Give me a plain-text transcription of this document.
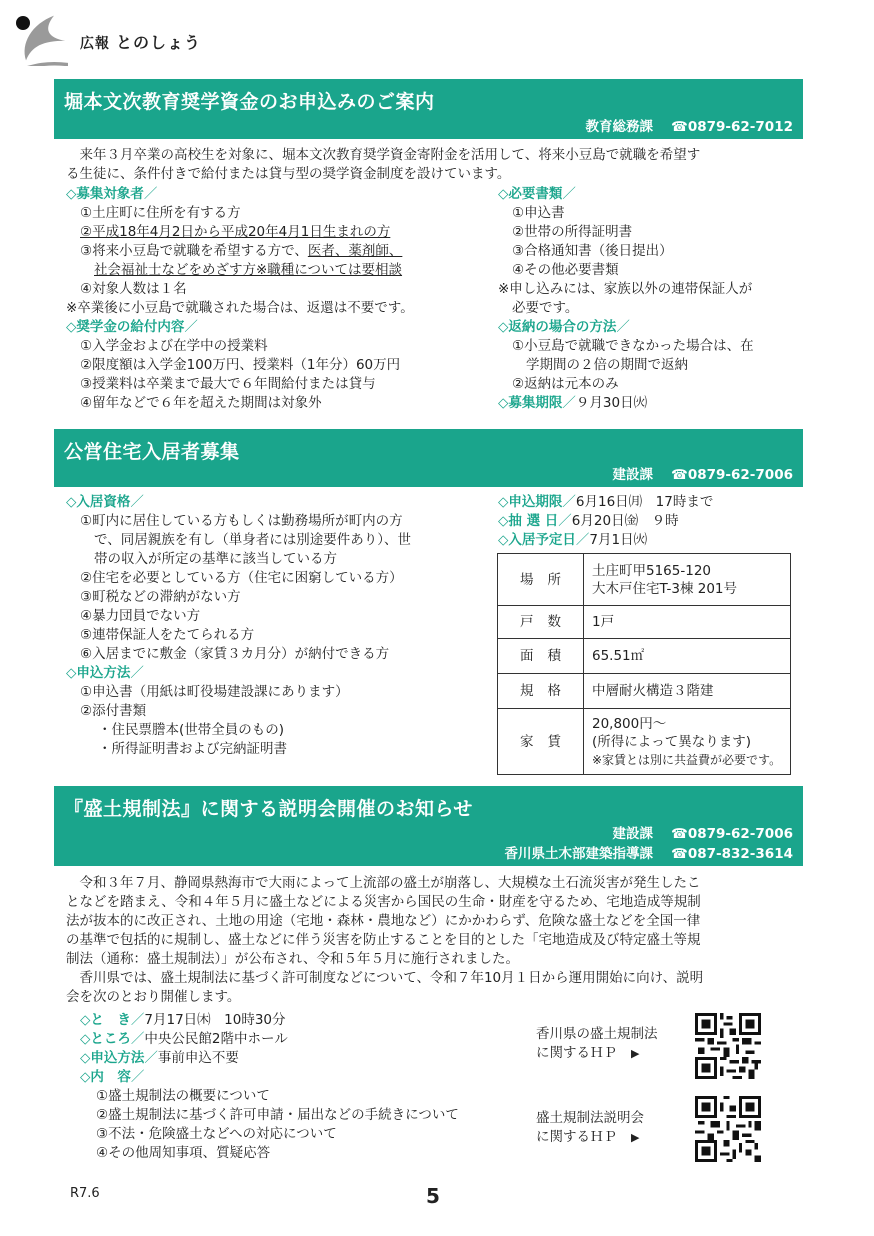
広報 とのしょう
堀本文次教育奨学資金のお申込みのご案内
教育総務課 ☎0879-62-7012

来年３月卒業の高校生を対象に、堀本文次教育奨学資金寄附金を活用して、将来小豆島で就職を希望す

る生徒に、条件付きで給付または貸与型の奨学資金制度を設けています。
◇募集対象者／
①土庄町に住所を有する方
②平成18年4月2日から平成20年4月1日生まれの方
③将来小豆島で就職を希望する方で、医者、薬剤師、
社会福祉士などをめざす方※職種については要相談
④対象人数は１名
※卒業後に小豆島で就職された場合は、返還は不要です。
◇奨学金の給付内容／
①入学金および在学中の授業料
②限度額は入学金100万円、授業料（1年分）60万円
③授業料は卒業まで最大で６年間給付または貸与
④留年などで６年を超えた期間は対象外
◇必要書類／
①申込書
②世帯の所得証明書
③合格通知書（後日提出）
④その他必要書類
※申し込みには、家族以外の連帯保証人が
必要です。
◇返納の場合の方法／
①小豆島で就職できなかった場合は、在
学期間の２倍の期間で返納
②返納は元本のみ
◇募集期限／９月30日㈫
公営住宅入居者募集
建設課 ☎0879-62-7006
◇入居資格／
①町内に居住している方もしくは勤務場所が町内の方
で、同居親族を有し（単身者には別途要件あり）、世
帯の収入が所定の基準に該当している方
②住宅を必要としている方（住宅に困窮している方）
③町税などの滞納がない方
④暴力団員でない方
⑤連帯保証人をたてられる方
⑥入居までに敷金（家賃３カ月分）が納付できる方
◇申込方法／
①申込書（用紙は町役場建設課にあります）
②添付書類
・住民票謄本(世帯全員のもの)
・所得証明書および完納証明書
◇申込期限／6月16日㈪　17時まで
◇抽 選 日／6月20日㈮　９時
◇入居予定日／7月1日㈫
場所	土庄町甲5165-120
大木戸住宅T-3棟 201号

戸数	1戸
面積	65.51㎡
規格	中層耐火構造３階建
家賃	20,800円～
(所得によって異なります)
※家賃とは別に共益費が必要です。
『盛土規制法』に関する説明会開催のお知らせ
建設課 ☎0879-62-7006
香川県土木部建築指導課 ☎087-832-3614

令和３年７月、静岡県熱海市で大雨によって上流部の盛土が崩落し、大規模な土石流災害が発生したこ

となどを踏まえ、令和４年５月に盛土などによる災害から国民の生命・財産を守るため、宅地造成等規制
法が抜本的に改正され、土地の用途（宅地・森林・農地など）にかかわらず、危険な盛土などを全国一律
の基準で包括的に規制し、盛土などに伴う災害を防止することを目的とした「宅地造成及び特定盛土等規
制法（通称：盛土規制法）」が公布され、令和５年５月に施行されました。

香川県では、盛土規制法に基づく許可制度などについて、令和７年10月１日から運用開始に向け、説明

会を次のとおり開催します。
◇と　き／7月17日㈭　10時30分
◇ところ／中央公民館2階中ホール
◇申込方法／事前申込不要
◇内　容／
①盛土規制法の概要について
②盛土規制法に基づく許可申請・届出などの手続きについて
③不法・危険盛土などへの対応について
④その他周知事項、質疑応答
香川県の盛土規制法
に関するＨＰ ▶
盛土規制法説明会
に関するＨＰ ▶
R7.6	5
